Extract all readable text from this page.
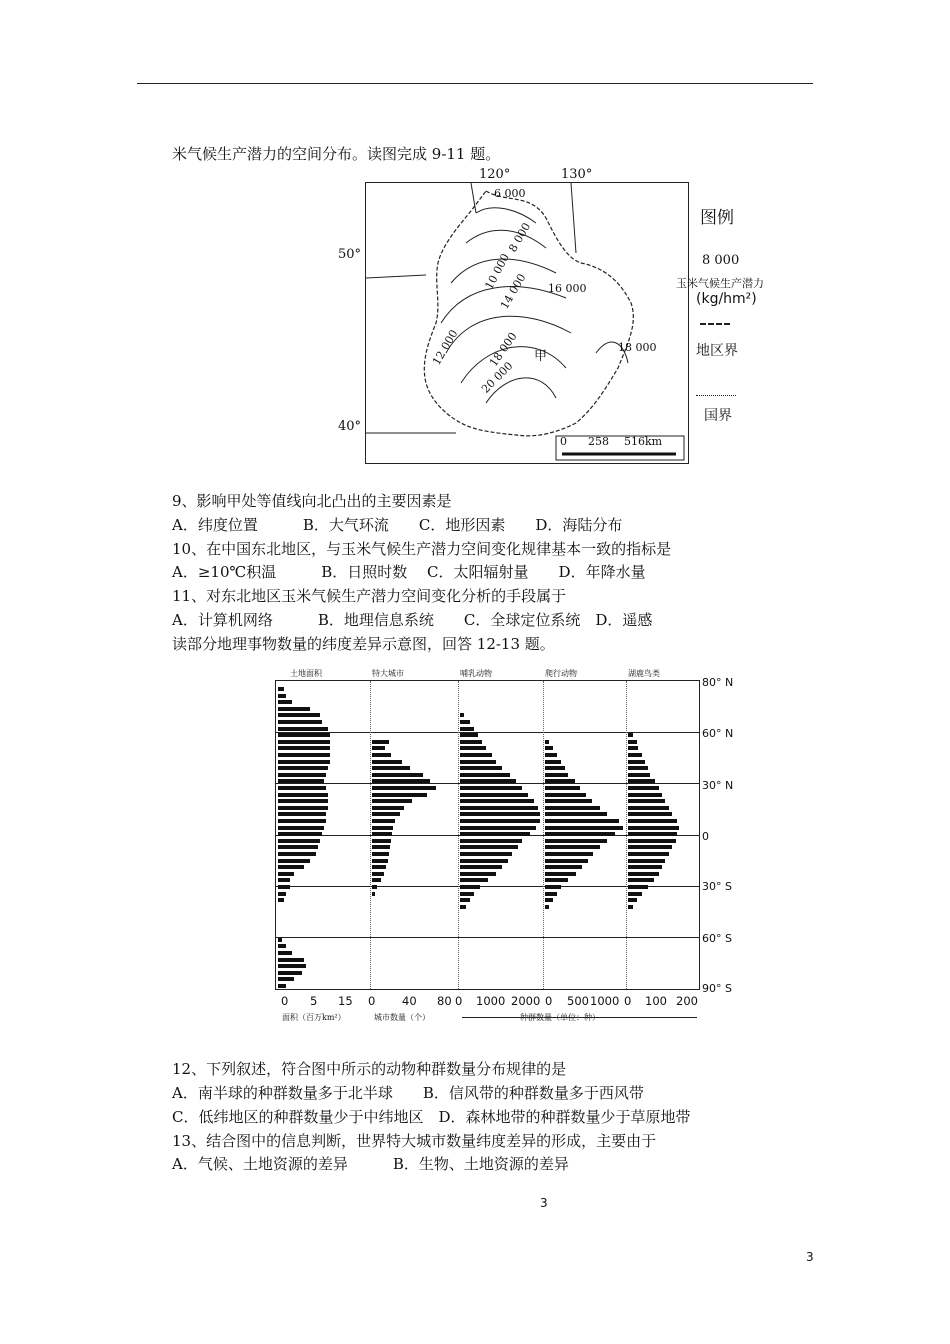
米气候生产潜力的空间分布。读图完成 9-11 题。
120°	130°
50°
40°
6 000
8 000
10 000
14 000 16 000
12 000 18 000
20 000
18 000
甲
0 258 516km
图例
8 000
玉米气候生产潜力
(kg/hm²)
地区界
国界
9、影响甲处等值线向北凸出的主要因素是
A．纬度位置　　　B．大气环流　　C．地形因素　　D．海陆分布
10、在中国东北地区，与玉米气候生产潜力空间变化规律基本一致的指标是
A．≥10℃积温　　　B．日照时数　 C．太阳辐射量　　D．年降水量
11、对东北地区玉米气候生产潜力空间变化分析的手段属于
A．计算机网络　　　B．地理信息系统　　C．全球定位系统　D．遥感
读部分地理事物数量的纬度差异示意图，回答 12-13 题。
土地面积	特大城市	哺乳动物	爬行动物	湖鹿鸟类
80° N
60° N
30° N
0
30° S
60° S
90° S
0 5 15 0 40 80 0 1000 2000 0 500 1000 0 100 200
面积（百万km²）	城市数量（个）	种群数量（单位：种）
12、下列叙述，符合图中所示的动物种群数量分布规律的是
A．南半球的种群数量多于北半球　　B．信风带的种群数量多于西风带
C．低纬地区的种群数量少于中纬地区　D．森林地带的种群数量少于草原地带
13、结合图中的信息判断，世界特大城市数量纬度差异的形成，主要由于
A．气候、土地资源的差异　　　B．生物、土地资源的差异
3
3
